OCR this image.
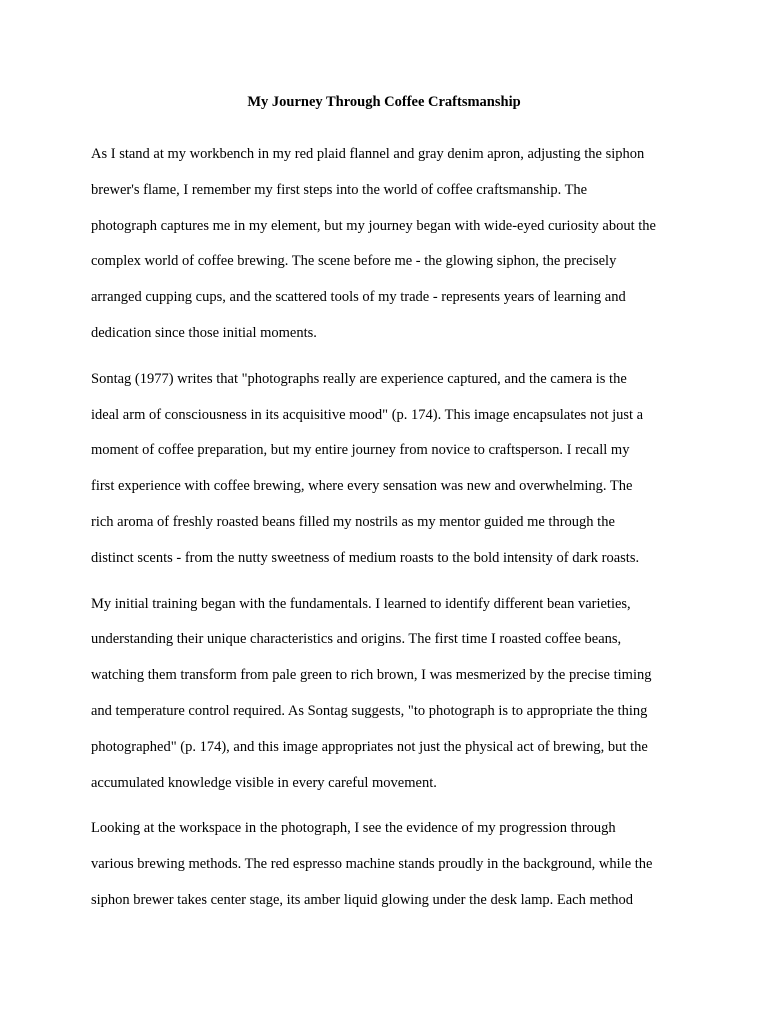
My Journey Through Coffee Craftsmanship

As I stand at my workbench in my red plaid flannel and gray denim apron, adjusting the siphon
brewer's flame, I remember my first steps into the world of coffee craftsmanship. The
photograph captures me in my element, but my journey began with wide-eyed curiosity about the
complex world of coffee brewing. The scene before me - the glowing siphon, the precisely
arranged cupping cups, and the scattered tools of my trade - represents years of learning and
dedication since those initial moments.

Sontag (1977) writes that "photographs really are experience captured, and the camera is the
ideal arm of consciousness in its acquisitive mood" (p. 174). This image encapsulates not just a
moment of coffee preparation, but my entire journey from novice to craftsperson. I recall my
first experience with coffee brewing, where every sensation was new and overwhelming. The
rich aroma of freshly roasted beans filled my nostrils as my mentor guided me through the
distinct scents - from the nutty sweetness of medium roasts to the bold intensity of dark roasts.

My initial training began with the fundamentals. I learned to identify different bean varieties,
understanding their unique characteristics and origins. The first time I roasted coffee beans,
watching them transform from pale green to rich brown, I was mesmerized by the precise timing
and temperature control required. As Sontag suggests, "to photograph is to appropriate the thing
photographed" (p. 174), and this image appropriates not just the physical act of brewing, but the
accumulated knowledge visible in every careful movement.

Looking at the workspace in the photograph, I see the evidence of my progression through
various brewing methods. The red espresso machine stands proudly in the background, while the
siphon brewer takes center stage, its amber liquid glowing under the desk lamp. Each method
